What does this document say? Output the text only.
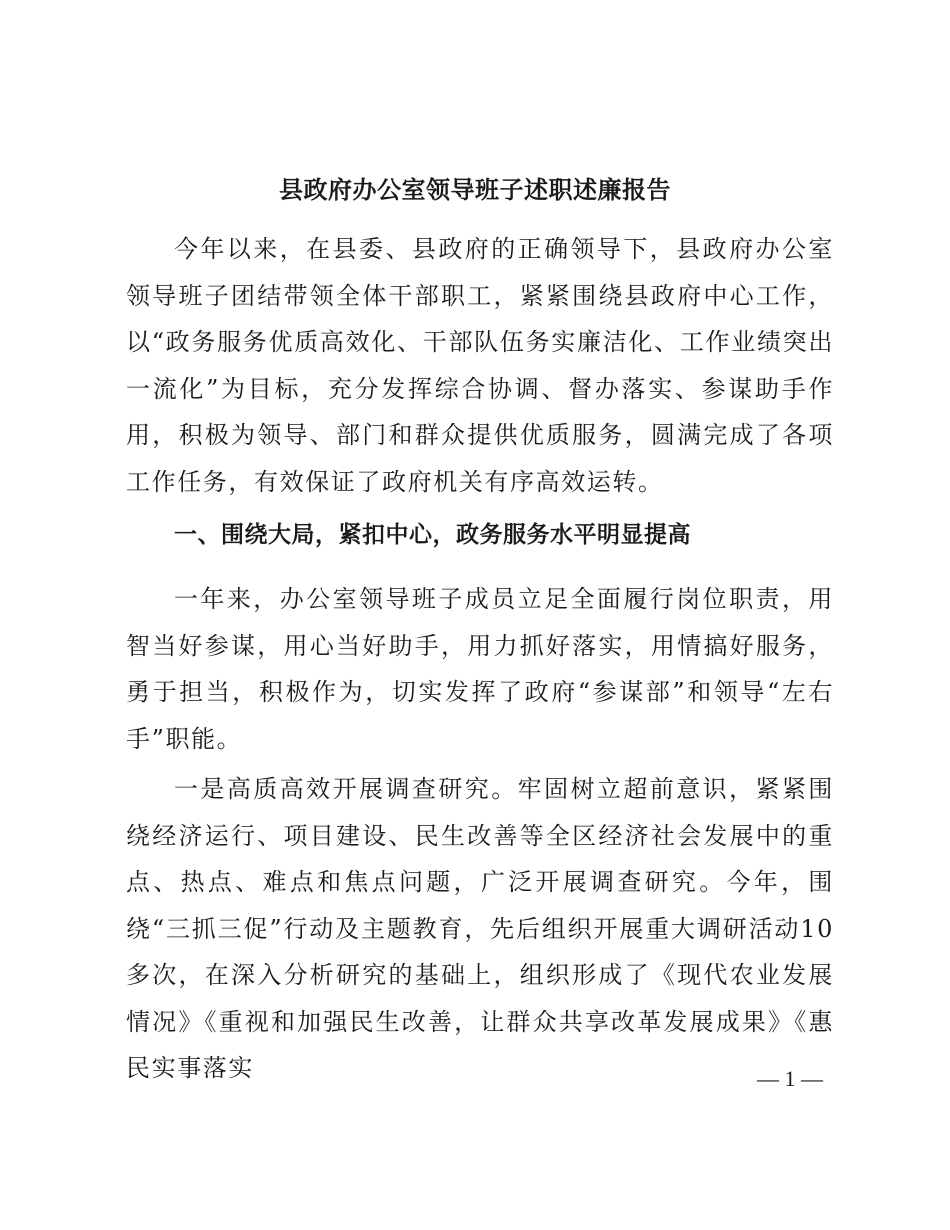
县政府办公室领导班子述职述廉报告

今年以来，在县委、县政府的正确领导下，县政府办公室领导班子团结带领全体干部职工，紧紧围绕县政府中心工作，以“政务服务优质高效化、干部队伍务实廉洁化、工作业绩突出一流化”为目标，充分发挥综合协调、督办落实、参谋助手作用，积极为领导、部门和群众提供优质服务，圆满完成了各项工作任务，有效保证了政府机关有序高效运转。

一、围绕大局，紧扣中心，政务服务水平明显提高

一年来，办公室领导班子成员立足全面履行岗位职责，用智当好参谋，用心当好助手，用力抓好落实，用情搞好服务，勇于担当，积极作为，切实发挥了政府“参谋部”和领导“左右手”职能。

一是高质高效开展调查研究。牢固树立超前意识，紧紧围绕经济运行、项目建设、民生改善等全区经济社会发展中的重点、热点、难点和焦点问题，广泛开展调查研究。今年，围绕“三抓三促”行动及主题教育，先后组织开展重大调研活动10多次，在深入分析研究的基础上，组织形成了《现代农业发展情况》《重视和加强民生改善，让群众共享改革发展成果》《惠民实事落实	— 1 —
